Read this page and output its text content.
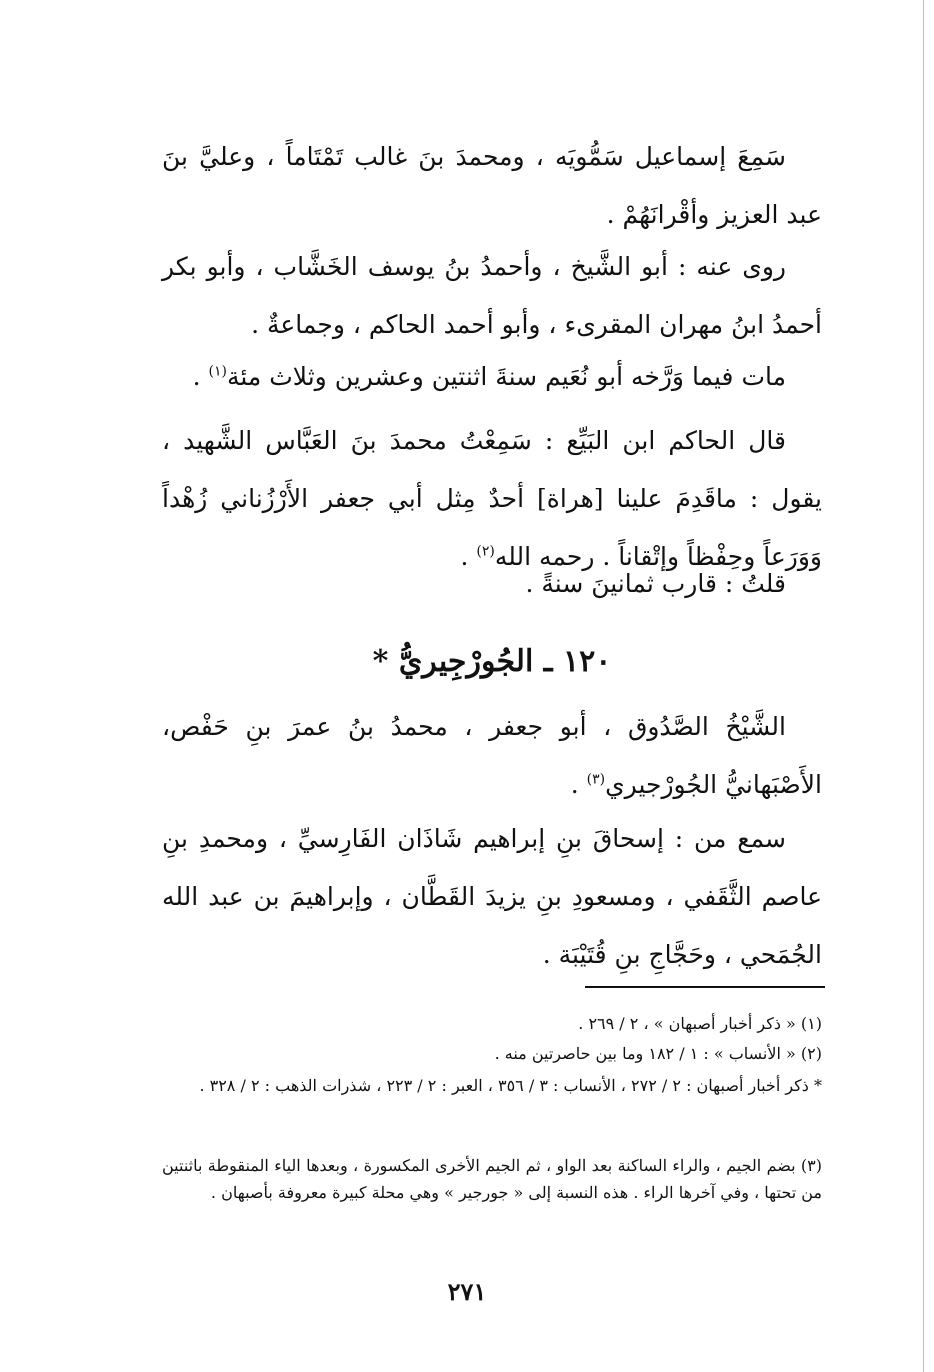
سَمِعَ إسماعيل سَمُّويَه ، ومحمدَ بنَ غالب تَمْتَاماً ، وعليَّ بنَ عبد العزيز وأقْرانَهُمْ .

روى عنه : أبو الشَّيخ ، وأحمدُ بنُ يوسف الخَشَّاب ، وأبو بكر أحمدُ ابنُ مهران المقرىء ، وأبو أحمد الحاكم ، وجماعةٌ .

مات فيما وَرَّخه أبو نُعَيم سنةَ اثنتين وعشرين وثلاث مئة$^{(١)}$ .

قال الحاكم ابن البَيِّع : سَمِعْتُ محمدَ بنَ العَبَّاس الشَّهيد ، يقول : ماقَدِمَ علينا [هراة] أحدٌ مِثل أبي جعفر الأَرْزُناني زُهْداً وَوَرَعاً وحِفْظاً وإتْقاناً . رحمه الله$^{(٢)}$ .

قلتُ : قارب ثمانينَ سنةً .

١٢٠ ـ الجُورْجِيريُّ *

الشَّيْخُ الصَّدُوق ، أبو جعفر ، محمدُ بنُ عمرَ بنِ حَفْص، الأَصْبَهانيُّ الجُورْجيري$^{(٣)}$ .

سمع من : إسحاقَ بنِ إبراهيم شَاذَان الفَارِسيِّ ، ومحمدِ بنِ عاصم الثَّقَفي ، ومسعودِ بنِ يزيدَ القَطَّان ، وإبراهيمَ بن عبد الله الجُمَحي ، وحَجَّاجِ بنِ قُتَيْبَة .

(١) « ذكر أخبار أصبهان » ، ٢ / ٢٦٩ .

(٢) « الأنساب » : ١ / ١٨٢ وما بين حاصرتين منه .

* ذكر أخبار أصبهان : ٢ / ٢٧٢ ، الأنساب : ٣ / ٣٥٦ ، العبر : ٢ / ٢٢٣ ، شذرات الذهب : ٢ / ٣٢٨ .

(٣) بضم الجيم ، والراء الساكنة بعد الواو ، ثم الجيم الأخرى المكسورة ، وبعدها الياء المنقوطة باثنتين من تحتها ، وفي آخرها الراء . هذه النسبة إلى « جورجير » وهي محلة كبيرة معروفة بأصبهان .

٢٧١
